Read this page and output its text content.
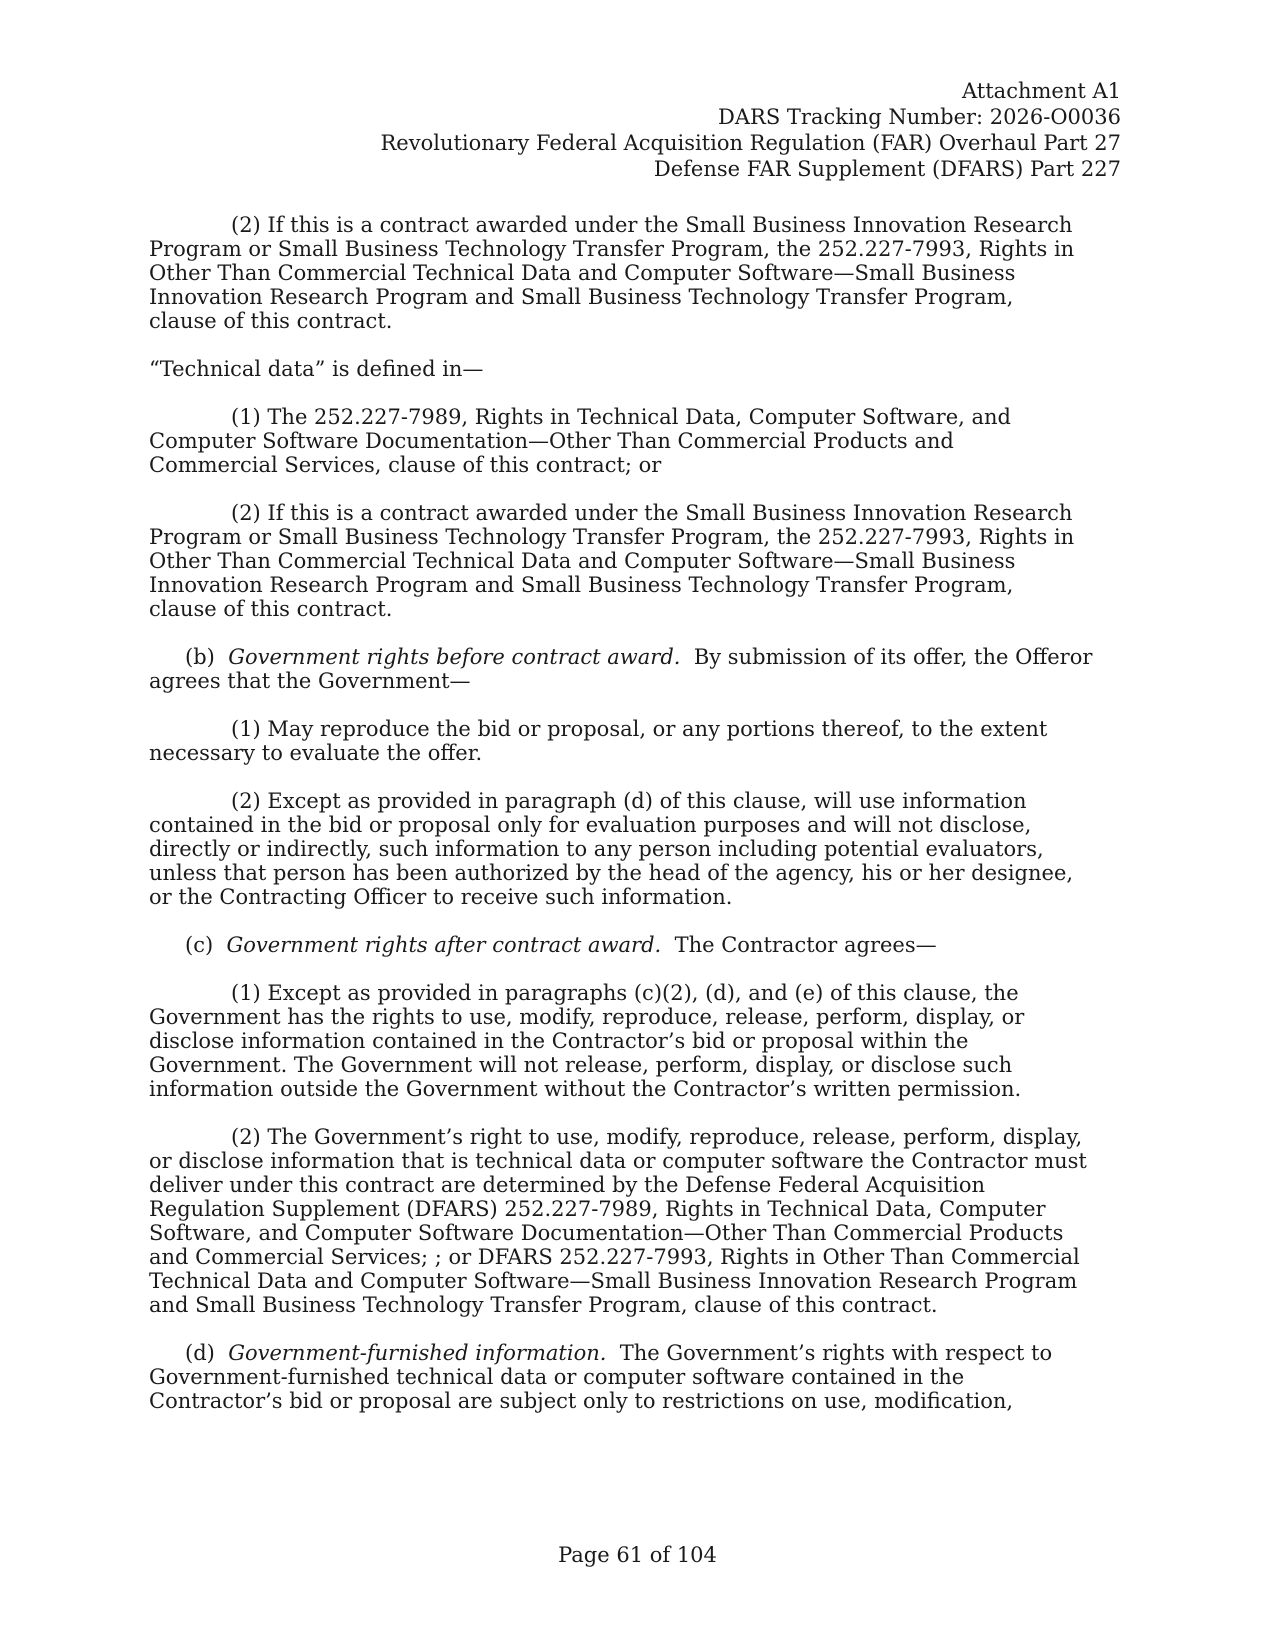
Attachment A1
DARS Tracking Number: 2026-O0036
Revolutionary Federal Acquisition Regulation (FAR) Overhaul Part 27
Defense FAR Supplement (DFARS) Part 227
(2) If this is a contract awarded under the Small Business Innovation Research
Program or Small Business Technology Transfer Program, the 252.227-7993, Rights in
Other Than Commercial Technical Data and Computer Software—Small Business
Innovation Research Program and Small Business Technology Transfer Program,
clause of this contract.
“Technical data” is defined in—
(1) The 252.227-7989, Rights in Technical Data, Computer Software, and
Computer Software Documentation—Other Than Commercial Products and
Commercial Services, clause of this contract; or
(2) If this is a contract awarded under the Small Business Innovation Research
Program or Small Business Technology Transfer Program, the 252.227-7993, Rights in
Other Than Commercial Technical Data and Computer Software—Small Business
Innovation Research Program and Small Business Technology Transfer Program,
clause of this contract.
(b)  Government rights before contract award.  By submission of its offer, the Offeror
agrees that the Government—
(1) May reproduce the bid or proposal, or any portions thereof, to the extent
necessary to evaluate the offer.
(2) Except as provided in paragraph (d) of this clause, will use information
contained in the bid or proposal only for evaluation purposes and will not disclose,
directly or indirectly, such information to any person including potential evaluators,
unless that person has been authorized by the head of the agency, his or her designee,
or the Contracting Officer to receive such information.
(c)  Government rights after contract award.  The Contractor agrees—
(1) Except as provided in paragraphs (c)(2), (d), and (e) of this clause, the
Government has the rights to use, modify, reproduce, release, perform, display, or
disclose information contained in the Contractor’s bid or proposal within the
Government. The Government will not release, perform, display, or disclose such
information outside the Government without the Contractor’s written permission.
(2) The Government’s right to use, modify, reproduce, release, perform, display,
or disclose information that is technical data or computer software the Contractor must
deliver under this contract are determined by the Defense Federal Acquisition
Regulation Supplement (DFARS) 252.227-7989, Rights in Technical Data, Computer
Software, and Computer Software Documentation—Other Than Commercial Products
and Commercial Services; ; or DFARS 252.227-7993, Rights in Other Than Commercial
Technical Data and Computer Software—Small Business Innovation Research Program
and Small Business Technology Transfer Program, clause of this contract.
(d)  Government-furnished information.  The Government’s rights with respect to
Government-furnished technical data or computer software contained in the
Contractor’s bid or proposal are subject only to restrictions on use, modification,
Page 61 of 104
